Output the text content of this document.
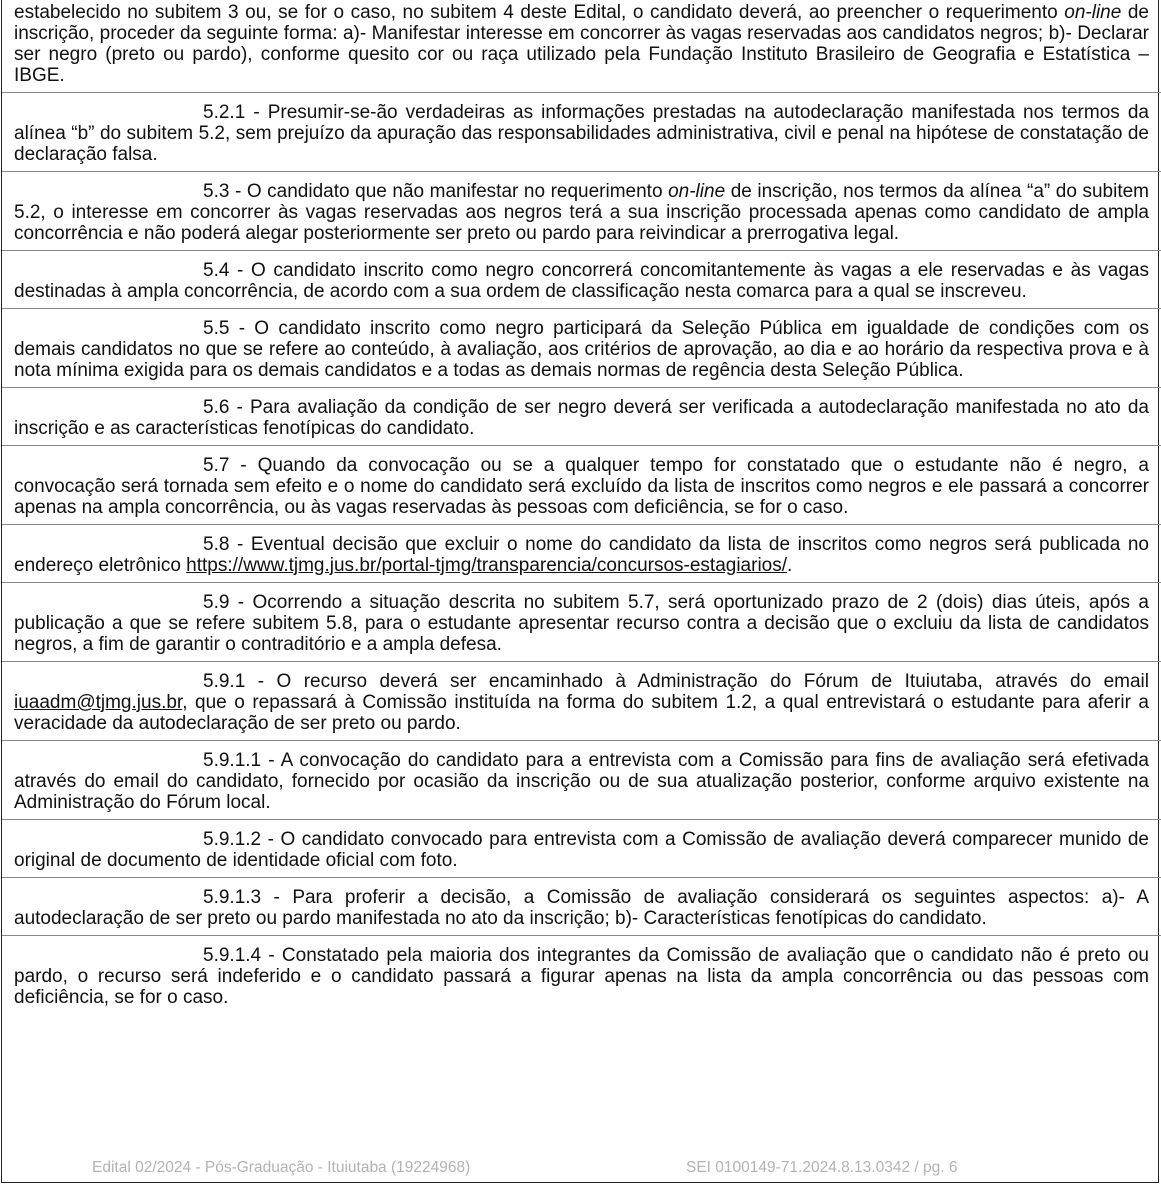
estabelecido no subitem 3 ou, se for o caso, no subitem 4 deste Edital, o candidato deverá, ao preencher o requerimento on-line de inscrição, proceder da seguinte forma: a)- Manifestar interesse em concorrer às vagas reservadas aos candidatos negros; b)- Declarar ser negro (preto ou pardo), conforme quesito cor ou raça utilizado pela Fundação Instituto Brasileiro de Geografia e Estatística – IBGE.

5.2.1 - Presumir-se-ão verdadeiras as informações prestadas na autodeclaração manifestada nos termos da alínea “b” do subitem 5.2, sem prejuízo da apuração das responsabilidades administrativa, civil e penal na hipótese de constatação de declaração falsa.

5.3 - O candidato que não manifestar no requerimento on-line de inscrição, nos termos da alínea “a” do subitem 5.2, o interesse em concorrer às vagas reservadas aos negros terá a sua inscrição processada apenas como candidato de ampla concorrência e não poderá alegar posteriormente ser preto ou pardo para reivindicar a prerrogativa legal.

5.4 - O candidato inscrito como negro concorrerá concomitantemente às vagas a ele reservadas e às vagas destinadas à ampla concorrência, de acordo com a sua ordem de classificação nesta comarca para a qual se inscreveu.

5.5 - O candidato inscrito como negro participará da Seleção Pública em igualdade de condições com os demais candidatos no que se refere ao conteúdo, à avaliação, aos critérios de aprovação, ao dia e ao horário da respectiva prova e à nota mínima exigida para os demais candidatos e a todas as demais normas de regência desta Seleção Pública.

5.6 - Para avaliação da condição de ser negro deverá ser verificada a autodeclaração manifestada no ato da inscrição e as características fenotípicas do candidato.

5.7 - Quando da convocação ou se a qualquer tempo for constatado que o estudante não é negro, a convocação será tornada sem efeito e o nome do candidato será excluído da lista de inscritos como negros e ele passará a concorrer apenas na ampla concorrência, ou às vagas reservadas às pessoas com deficiência, se for o caso.

5.8 - Eventual decisão que excluir o nome do candidato da lista de inscritos como negros será publicada no endereço eletrônico https://www.tjmg.jus.br/portal-tjmg/transparencia/concursos-estagiarios/.

5.9 - Ocorrendo a situação descrita no subitem 5.7, será oportunizado prazo de 2 (dois) dias úteis, após a publicação a que se refere subitem 5.8, para o estudante apresentar recurso contra a decisão que o excluiu da lista de candidatos negros, a fim de garantir o contraditório e a ampla defesa.

5.9.1 - O recurso deverá ser encaminhado à Administração do Fórum de Ituiutaba, através do email iuaadm@tjmg.jus.br, que o repassará à Comissão instituída na forma do subitem 1.2, a qual entrevistará o estudante para aferir a veracidade da autodeclaração de ser preto ou pardo.

5.9.1.1 - A convocação do candidato para a entrevista com a Comissão para fins de avaliação será efetivada através do email do candidato, fornecido por ocasião da inscrição ou de sua atualização posterior, conforme arquivo existente na Administração do Fórum local.

5.9.1.2 - O candidato convocado para entrevista com a Comissão de avaliação deverá comparecer munido de original de documento de identidade oficial com foto.

5.9.1.3 - Para proferir a decisão, a Comissão de avaliação considerará os seguintes aspectos: a)- A autodeclaração de ser preto ou pardo manifestada no ato da inscrição; b)- Características fenotípicas do candidato.

5.9.1.4 - Constatado pela maioria dos integrantes da Comissão de avaliação que o candidato não é preto ou pardo, o recurso será indeferido e o candidato passará a figurar apenas na lista da ampla concorrência ou das pessoas com deficiência, se for o caso.

Edital 02/2024 - Pós-Graduação - Ituiutaba (19224968)	SEI 0100149-71.2024.8.13.0342 / pg. 6
